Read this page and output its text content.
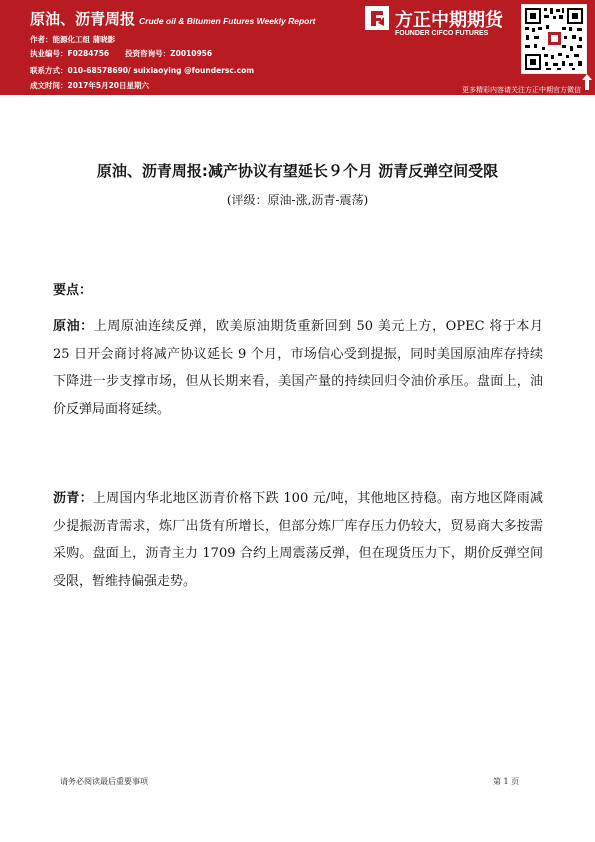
原油、沥青周报 Crude oil & Bitumen Futures Weekly Report
作者：能源化工组 蒲晓影
执业编号：F0284756 投资咨询号：Z0010956
联系方式：010-68578690/ suixiaoying @foundersc.com
成文时间：2017年5月20日星期六
方正中期期货
FOUNDER CIFCO FUTURES
更多精彩内容请关注方正中期官方微信
原油、沥青周报:减产协议有望延长９个月 沥青反弹空间受限
(评级：原油-涨,沥青-震荡)
要点：
原油：上周原油连续反弹，欧美原油期货重新回到 50 美元上方，OPEC 将于本月 25 日开会商讨将减产协议延长 9 个月，市场信心受到提振，同时美国原油库存持续下降进一步支撑市场，但从长期来看，美国产量的持续回归令油价承压。盘面上，油价反弹局面将延续。
沥青：上周国内华北地区沥青价格下跌 100 元/吨，其他地区持稳。南方地区降雨减少提振沥青需求，炼厂出货有所增长，但部分炼厂库存压力仍较大，贸易商大多按需采购。盘面上，沥青主力 1709 合约上周震荡反弹，但在现货压力下，期价反弹空间受限，暂维持偏强走势。
请务必阅读最后重要事项	第 1 页
